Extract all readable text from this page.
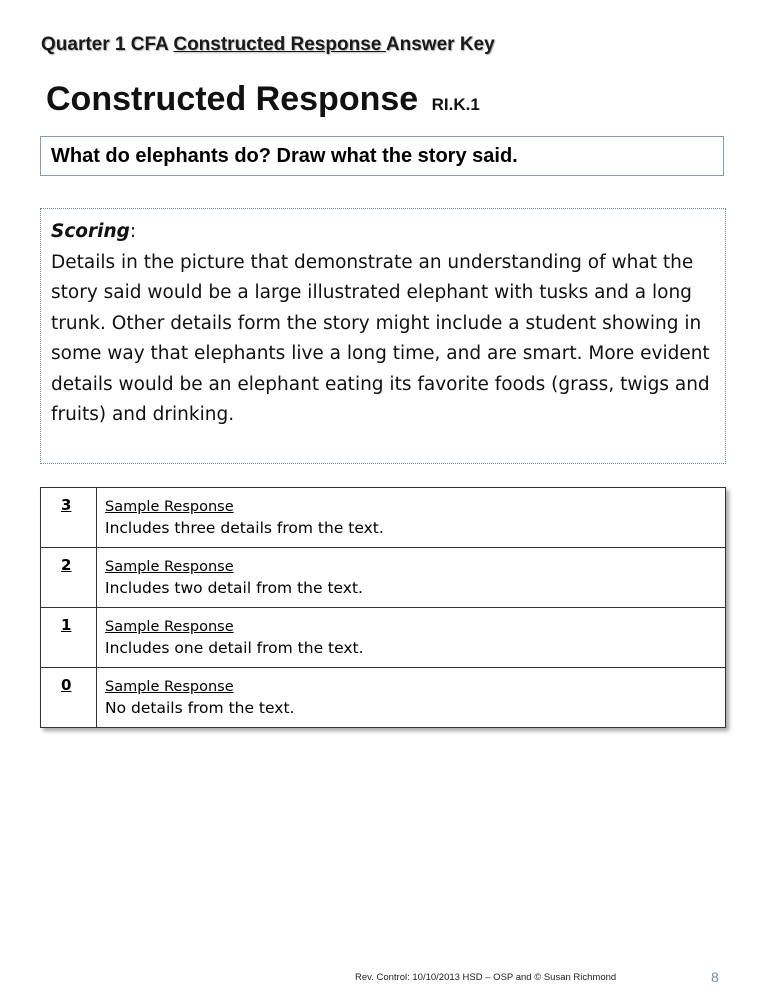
Quarter 1 CFA Constructed Response Answer Key
Constructed Response RI.K.1
What do elephants do? Draw what the story said.
Scoring:
Details in the picture that demonstrate an understanding of what the story said would be a large illustrated elephant with tusks and a long trunk. Other details form the story might include a student showing in some way that elephants live a long time, and are smart. More evident details would be an elephant eating its favorite foods (grass, twigs and fruits) and drinking.
3	Sample Response
Includes three details from the text.

2	Sample Response
Includes two detail from the text.

1	Sample Response
Includes one detail from the text.

0	Sample Response
No details from the text.
Rev. Control: 10/10/2013 HSD – OSP and © Susan Richmond	8
